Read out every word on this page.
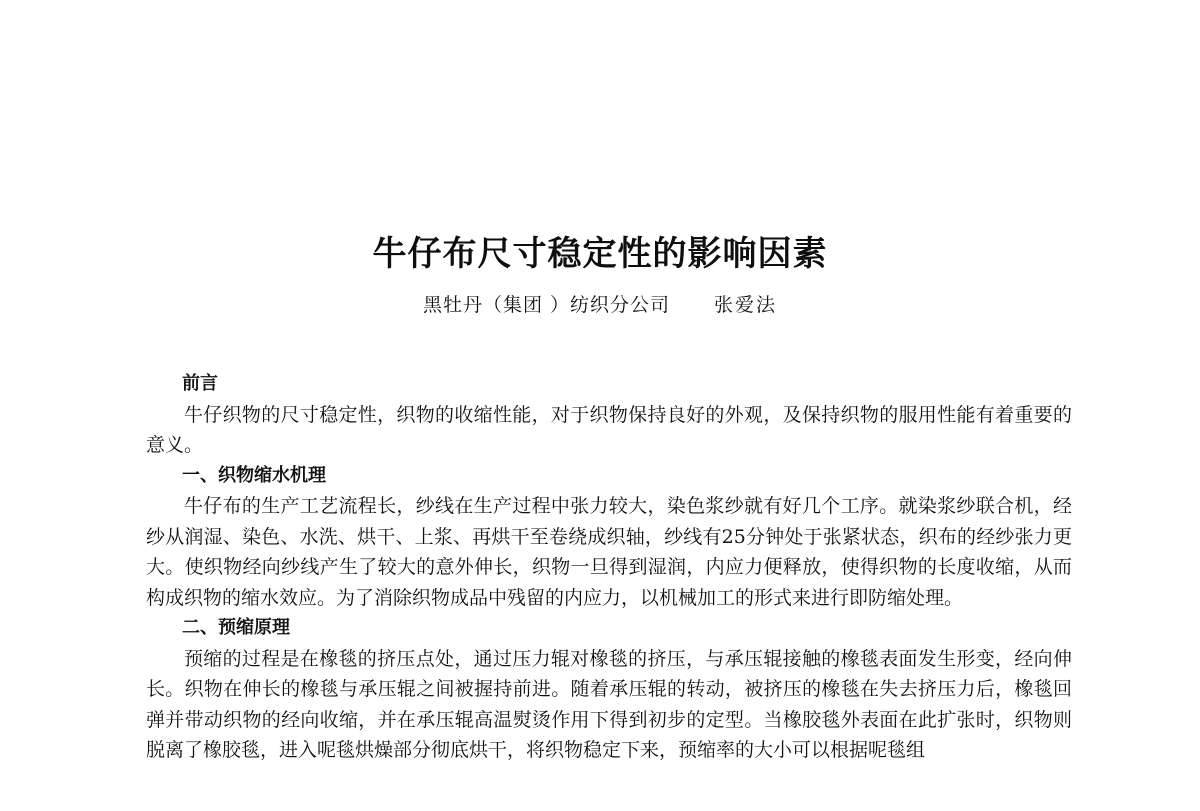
牛仔布尺寸稳定性的影响因素
黑牡丹（集团 ）纺织分公司 张爱法
前言

牛仔织物的尺寸稳定性，织物的收缩性能，对于织物保持良好的外观，及保持织物的服用性能有着重要的意义。

一、织物缩水机理

牛仔布的生产工艺流程长，纱线在生产过程中张力较大，染色浆纱就有好几个工序。就染浆纱联合机，经纱从润湿、染色、水洗、烘干、上浆、再烘干至卷绕成织轴，纱线有25分钟处于张紧状态，织布的经纱张力更大。使织物经向纱线产生了较大的意外伸长，织物一旦得到湿润，内应力便释放，使得织物的长度收缩，从而构成织物的缩水效应。为了消除织物成品中残留的内应力，以机械加工的形式来进行即防缩处理。

二、预缩原理

预缩的过程是在橡毯的挤压点处，通过压力辊对橡毯的挤压，与承压辊接触的橡毯表面发生形变，经向伸长。织物在伸长的橡毯与承压辊之间被握持前进。随着承压辊的转动，被挤压的橡毯在失去挤压力后，橡毯回弹并带动织物的经向收缩，并在承压辊高温熨烫作用下得到初步的定型。当橡胶毯外表面在此扩张时，织物则脱离了橡胶毯，进入呢毯烘燥部分彻底烘干，将织物稳定下来，预缩率的大小可以根据呢毯组
